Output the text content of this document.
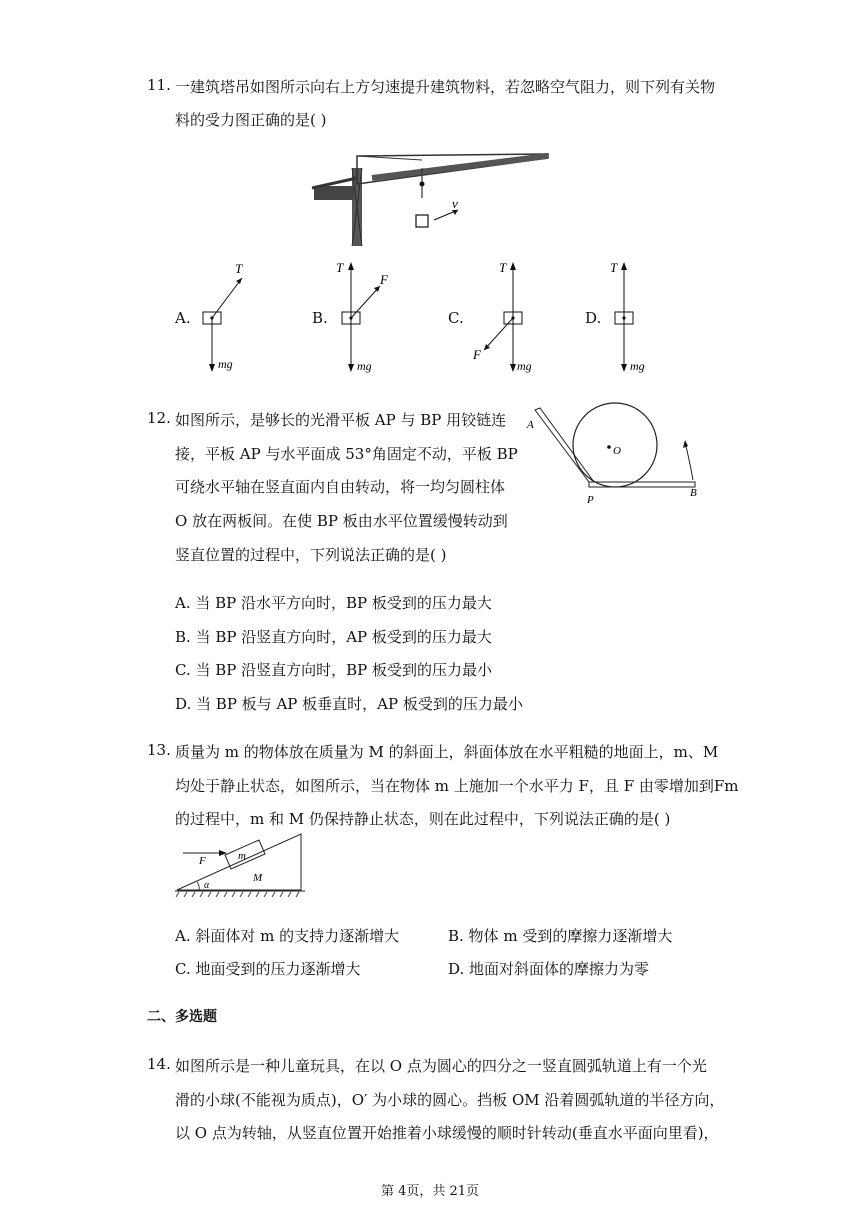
11. 一建筑塔吊如图所示向右上方匀速提升建筑物料，若忽略空气阻力，则下列有关物
料的受力图正确的是( )
v
A.
T
mg
B.
T
F
mg
C.
T
F
mg
D.
T
mg
12. 如图所示，是够长的光滑平板 AP 与 BP 用铰链连
接，平板 AP 与水平面成 53°角固定不动，平板 BP
可绕水平轴在竖直面内自由转动，将一均匀圆柱体
O 放在两板间。在使 BP 板由水平位置缓慢转动到
竖直位置的过程中，下列说法正确的是( )
A
O
P
B
A. 当 BP 沿水平方向时，BP 板受到的压力最大
B. 当 BP 沿竖直方向时，AP 板受到的压力最大
C. 当 BP 沿竖直方向时，BP 板受到的压力最小
D. 当 BP 板与 AP 板垂直时，AP 板受到的压力最小
13. 质量为 m 的物体放在质量为 M 的斜面上，斜面体放在水平粗糙的地面上，m、M
均处于静止状态，如图所示，当在物体 m 上施加一个水平力 F，且 F 由零增加到Fm
的过程中，m 和 M 仍保持静止状态，则在此过程中，下列说法正确的是( )
F	m
M
α
A. 斜面体对 m 的支持力逐渐增大	B. 物体 m 受到的摩擦力逐渐增大
C. 地面受到的压力逐渐增大	D. 地面对斜面体的摩擦力为零
二、多选题
14. 如图所示是一种儿童玩具，在以 O 点为圆心的四分之一竖直圆弧轨道上有一个光
滑的小球(不能视为质点)，O′ 为小球的圆心。挡板 OM 沿着圆弧轨道的半径方向，
以 O 点为转轴，从竖直位置开始推着小球缓慢的顺时针转动(垂直水平面向里看)，
第 4页，共 21页
